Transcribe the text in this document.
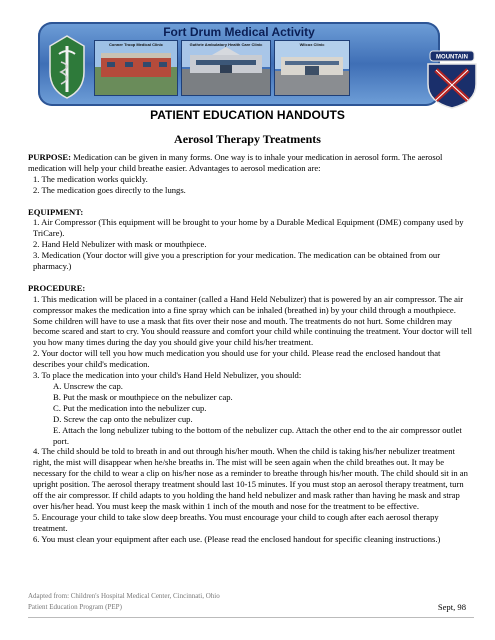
Fort Drum Medical Activity
Conner Troop Medical Clinic	Guthrie Ambulatory Health Care Clinic	Wilcox Clinic
MOUNTAIN
PATIENT EDUCATION HANDOUTS
Aerosol Therapy Treatments

PURPOSE: Medication can be given in many forms. One way is to inhale your medication in aerosol form. The aerosol medication will help your child breathe easier. Advantages to aerosol medication are:

1. The medication works quickly.

2. The medication goes directly to the lungs.

EQUIPMENT:

1. Air Compressor (This equipment will be brought to your home by a Durable Medical Equipment (DME) company used by TriCare).

2. Hand Held Nebulizer with mask or mouthpiece.

3. Medication (Your doctor will give you a prescription for your medication. The medication can be obtained from our pharmacy.)

PROCEDURE:

1. This medication will be placed in a container (called a Hand Held Nebulizer) that is powered by an air compressor. The air compressor makes the medication into a fine spray which can be inhaled (breathed in) by your child through a mouthpiece. Some children will have to use a mask that fits over their nose and mouth. The treatments do not hurt. Some children may become scared and start to cry. You should reassure and comfort your child while continuing the treatment. Your doctor will tell you how many times during the day you should give your child his/her treatment.

2. Your doctor will tell you how much medication you should use for your child. Please read the enclosed handout that describes your child's medication.

3. To place the medication into your child's Hand Held Nebulizer, you should:

A. Unscrew the cap.

B. Put the mask or mouthpiece on the nebulizer cap.

C. Put the medication into the nebulizer cup.

D. Screw the cap onto the nebulizer cup.

E. Attach the long nebulizer tubing to the bottom of the nebulizer cup. Attach the other end to the air compressor outlet port.

4. The child should be told to breath in and out through his/her mouth. When the child is taking his/her nebulizer treatment right, the mist will disappear when he/she breaths in. The mist will be seen again when the child breathes out. It may be necessary for the child to wear a clip on his/her nose as a reminder to breathe through his/her mouth. The child should sit in an upright position. The aerosol therapy treatment should last 10-15 minutes. If you must stop an aerosol therapy treatment, turn off the air compressor. If child adapts to you holding the hand held nebulizer and mask rather than having he mask and strap over his/her head. You must keep the mask within 1 inch of the mouth and nose for the treatment to be effective.

5. Encourage your child to take slow deep breaths. You must encourage your child to cough after each aerosol therapy treatment.

6. You must clean your equipment after each use. (Please read the enclosed handout for specific cleaning instructions.)

Adapted from: Children's Hospital Medical Center, Cincinnati, Ohio
Patient Education Program (PEP)	Sept, 98
